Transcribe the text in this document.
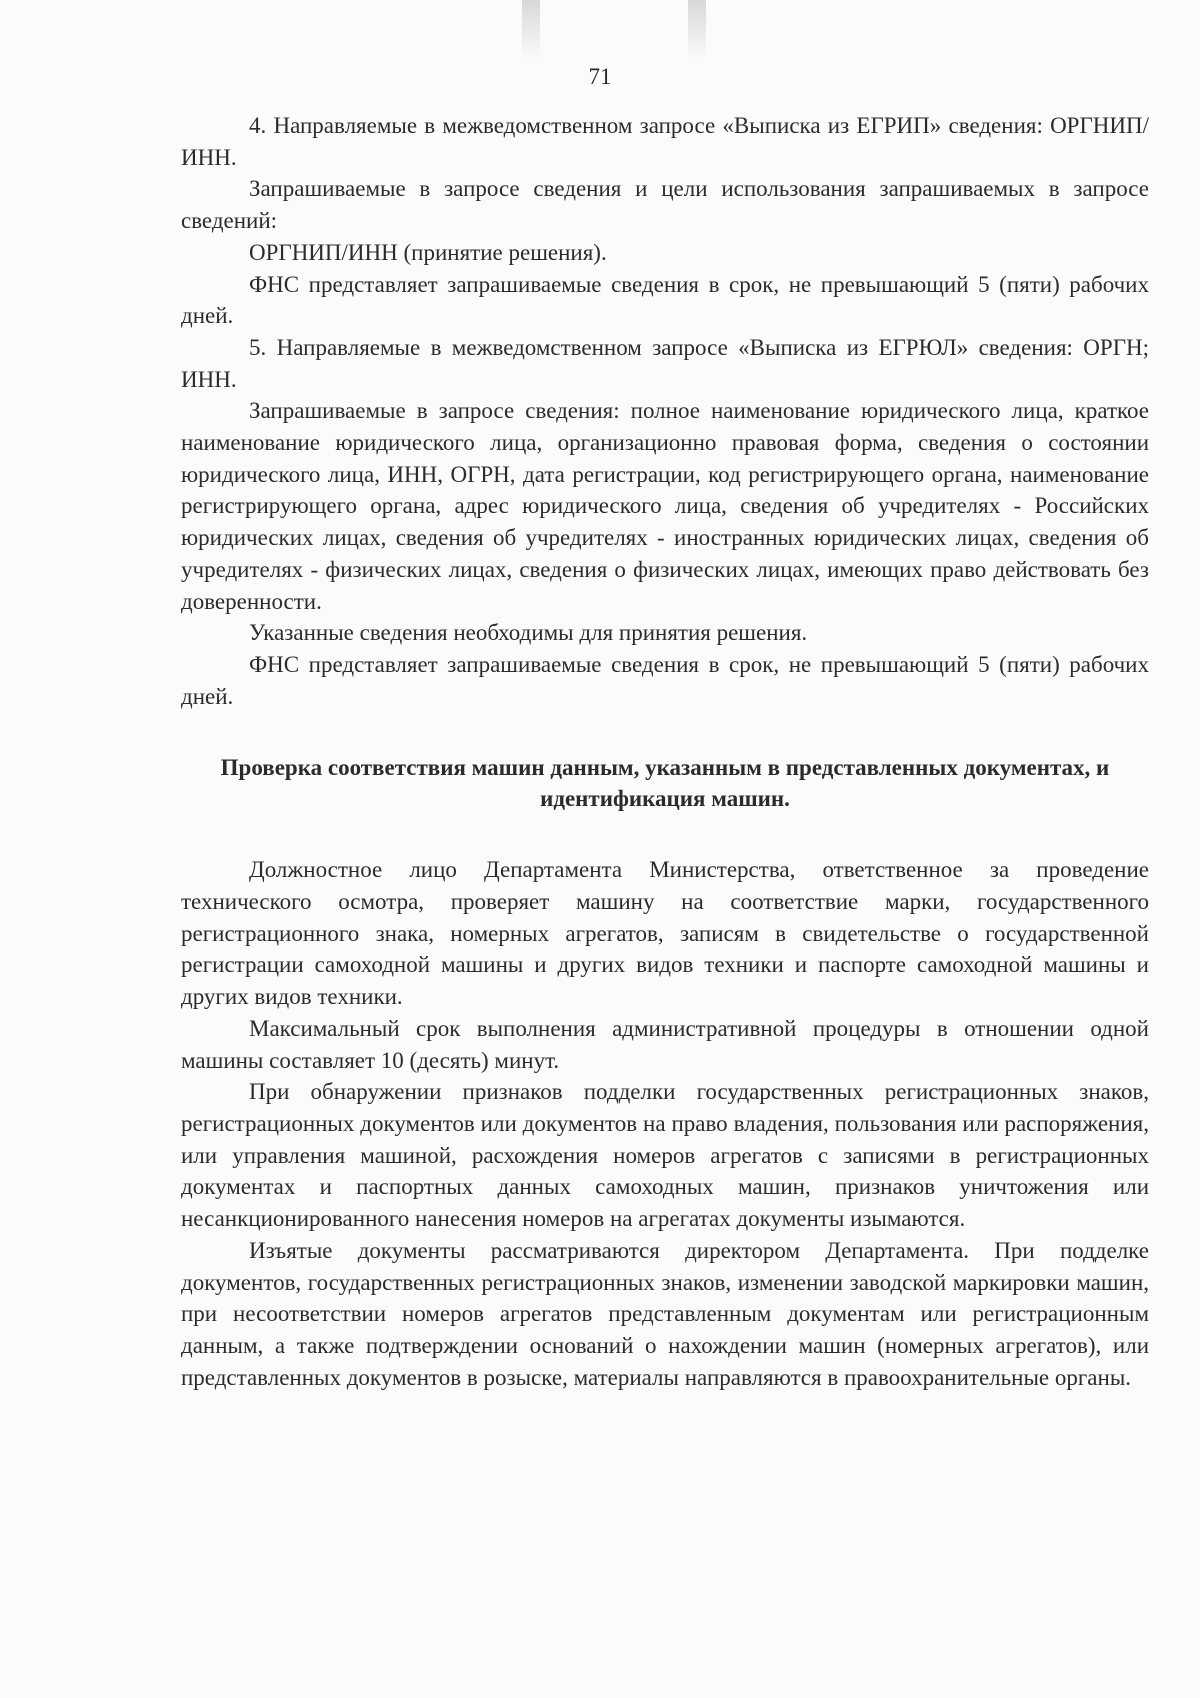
71

4. Направляемые в межведомственном запросе «Выписка из ЕГРИП» сведения: ОРГНИП/ИНН.

Запрашиваемые в запросе сведения и цели использования запрашиваемых в запросе сведений:

ОРГНИП/ИНН (принятие решения).

ФНС представляет запрашиваемые сведения в срок, не превышающий 5 (пяти) рабочих дней.

5. Направляемые в межведомственном запросе «Выписка из ЕГРЮЛ» сведения: ОРГН; ИНН.

Запрашиваемые в запросе сведения: полное наименование юридического лица, краткое наименование юридического лица, организационно правовая форма, сведения о состоянии юридического лица, ИНН, ОГРН, дата регистрации, код регистрирующего органа, наименование регистрирующего органа, адрес юридического лица, сведения об учредителях - Российских юридических лицах, сведения об учредителях - иностранных юридических лицах, сведения об учредителях - физических лицах, сведения о физических лицах, имеющих право действовать без доверенности.

Указанные сведения необходимы для принятия решения.

ФНС представляет запрашиваемые сведения в срок, не превышающий 5 (пяти) рабочих дней.

Проверка соответствия машин данным, указанным в представленных документах, и идентификация машин.

Должностное лицо Департамента Министерства, ответственное за проведение технического осмотра, проверяет машину на соответствие марки, государственного регистрационного знака, номерных агрегатов, записям в свидетельстве о государственной регистрации самоходной машины и других видов техники и паспорте самоходной машины и других видов техники.

Максимальный срок выполнения административной процедуры в отношении одной машины составляет 10 (десять) минут.

При обнаружении признаков подделки государственных регистрационных знаков, регистрационных документов или документов на право владения, пользования или распоряжения, или управления машиной, расхождения номеров агрегатов с записями в регистрационных документах и паспортных данных самоходных машин, признаков уничтожения или несанкционированного нанесения номеров на агрегатах документы изымаются.

Изъятые документы рассматриваются директором Департамента. При подделке документов, государственных регистрационных знаков, изменении заводской маркировки машин, при несоответствии номеров агрегатов представленным документам или регистрационным данным, а также подтверждении оснований о нахождении машин (номерных агрегатов), или представленных документов в розыске, материалы направляются в правоохранительные органы.
